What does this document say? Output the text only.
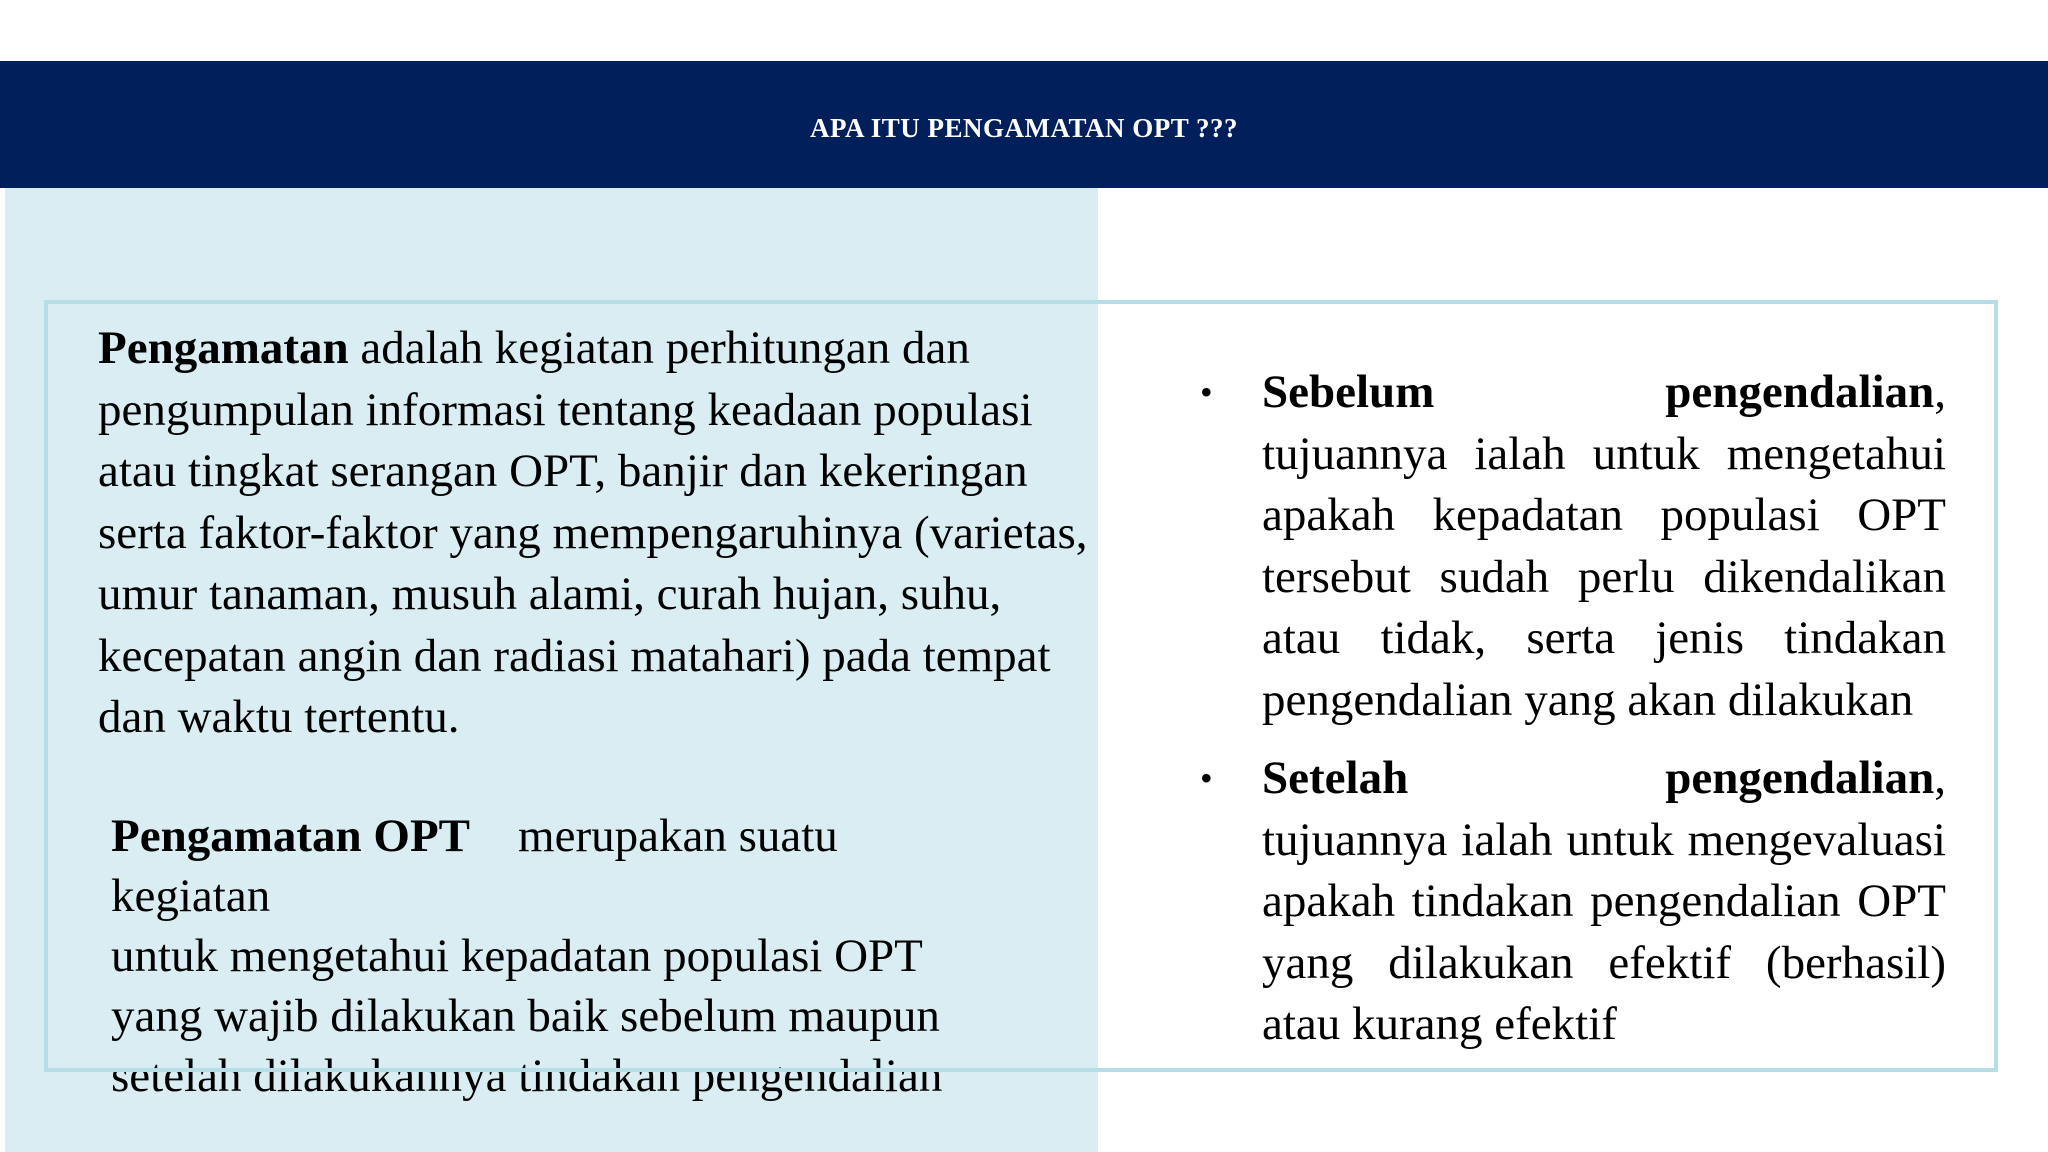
APA ITU PENGAMATAN OPT ???
Pengamatan adalah kegiatan perhitungan dan pengumpulan informasi tentang keadaan populasi atau tingkat serangan OPT, banjir dan kekeringan serta faktor-faktor yang mempengaruhinya (varietas, umur tanaman, musuh alami, curah hujan, suhu, kecepatan angin dan radiasi matahari) pada tempat dan waktu tertentu.
Pengamatan OPT merupakan suatu
kegiatan
untuk mengetahui kepadatan populasi OPT
yang wajib dilakukan baik sebelum maupun
setelah dilakukannya tindakan pengendalian
• Sebelum	pengendalian,
tujuannya ialah untuk mengetahui apakah kepadatan populasi OPT tersebut sudah perlu dikendalikan atau tidak, serta jenis tindakan pengendalian yang akan dilakukan
• Setelah	pengendalian,
tujuannya ialah untuk mengevaluasi apakah tindakan pengendalian OPT yang dilakukan efektif (berhasil) atau kurang efektif
